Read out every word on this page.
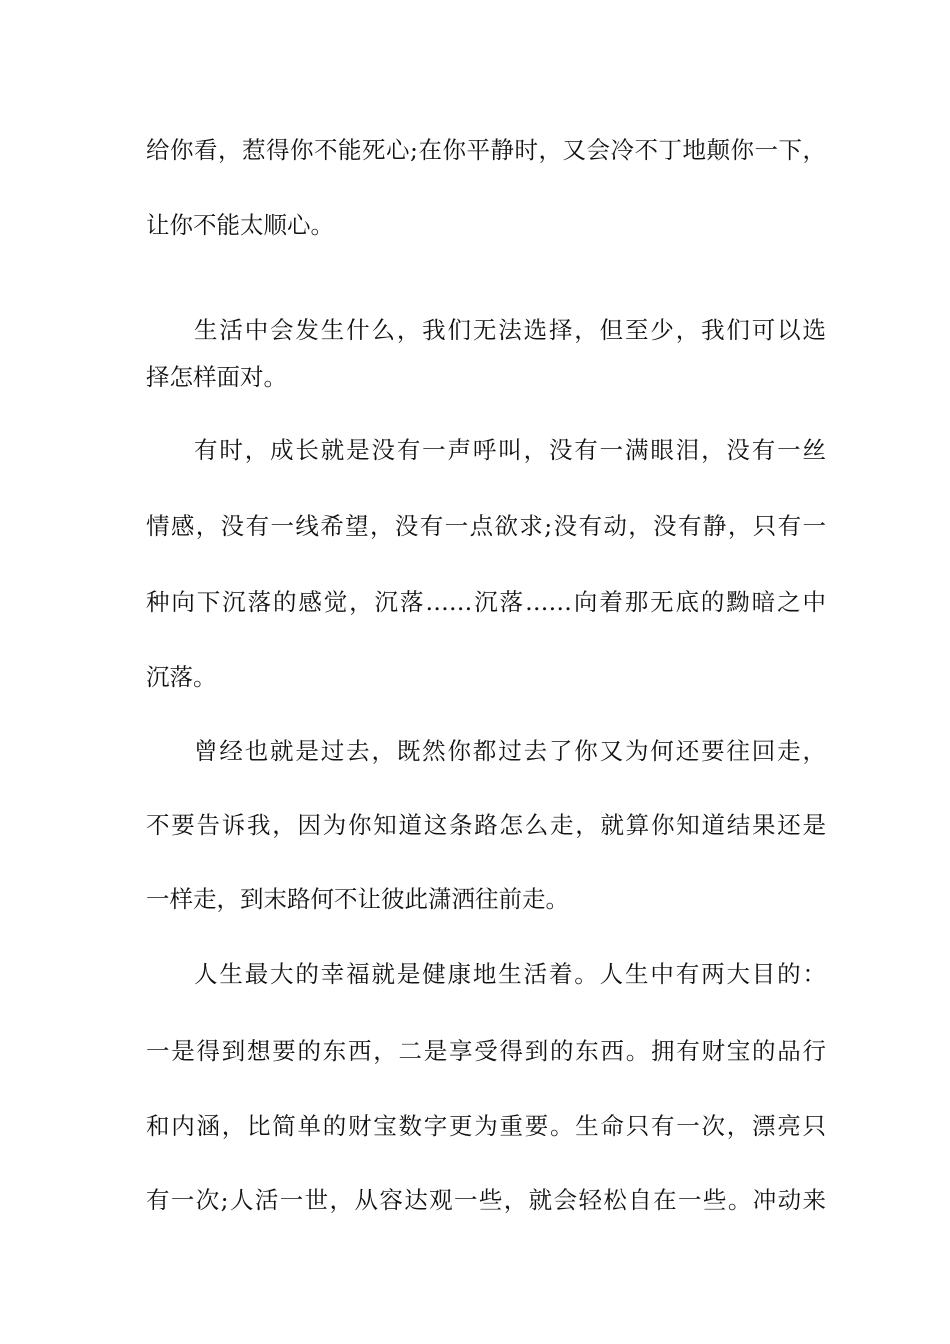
给你看，惹得你不能死心;在你平静时，又会冷不丁地颠你一下，
让你不能太顺心。
生活中会发生什么，我们无法选择，但至少，我们可以选
择怎样面对。
有时，成长就是没有一声呼叫，没有一满眼泪，没有一丝
情感，没有一线希望，没有一点欲求;没有动，没有静，只有一
种向下沉落的感觉，沉落……沉落……向着那无底的黝暗之中
沉落。
曾经也就是过去，既然你都过去了你又为何还要往回走，
不要告诉我，因为你知道这条路怎么走，就算你知道结果还是
一样走，到末路何不让彼此潇洒往前走。
人生最大的幸福就是健康地生活着。人生中有两大目的：
一是得到想要的东西，二是享受得到的东西。拥有财宝的品行
和内涵，比简单的财宝数字更为重要。生命只有一次，漂亮只
有一次;人活一世，从容达观一些，就会轻松自在一些。冲动来
